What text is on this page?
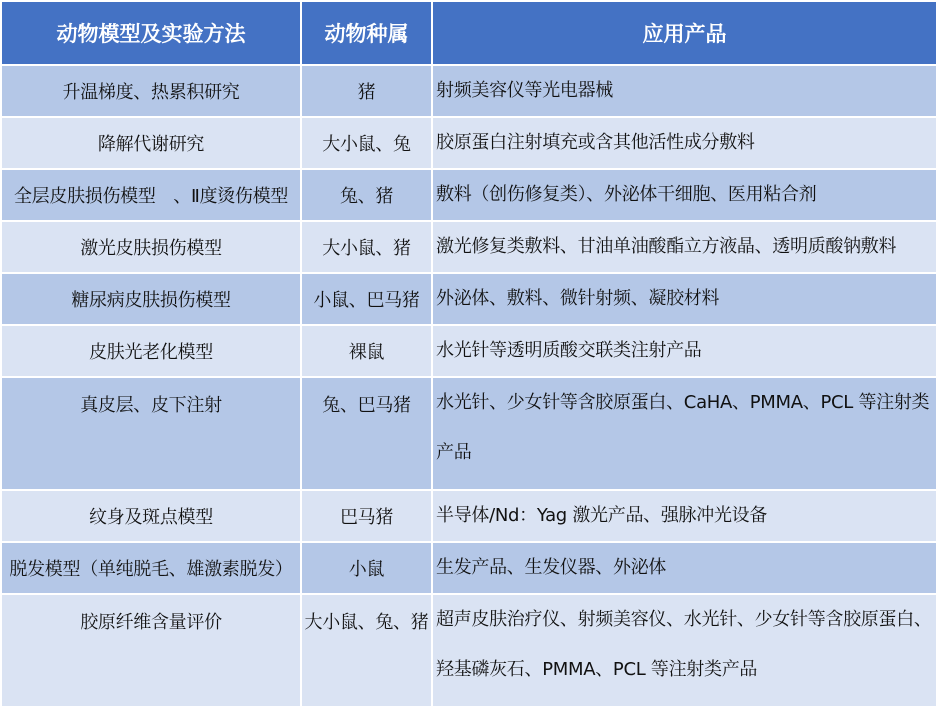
动物模型及实验方法	动物种属	应用产品
升温梯度、热累积研究	猪	射频美容仪等光电器械
降解代谢研究	大小鼠、兔	胶原蛋白注射填充或含其他活性成分敷料
全层皮肤损伤模型　、Ⅱ度烫伤模型	兔、猪	敷料（创伤修复类）、外泌体干细胞、医用粘合剂
激光皮肤损伤模型	大小鼠、猪	激光修复类敷料、甘油单油酸酯立方液晶、透明质酸钠敷料
糖尿病皮肤损伤模型	小鼠、巴马猪	外泌体、敷料、微针射频、凝胶材料
皮肤光老化模型	裸鼠	水光针等透明质酸交联类注射产品
真皮层、皮下注射	兔、巴马猪	水光针、少女针等含胶原蛋白、CaHA、PMMA、PCL 等注射类产品
纹身及斑点模型	巴马猪	半导体/Nd：Yag 激光产品、强脉冲光设备
脱发模型（单纯脱毛、雄激素脱发）	小鼠	生发产品、生发仪器、外泌体
胶原纤维含量评价	大小鼠、兔、猪	超声皮肤治疗仪、射频美容仪、水光针、少女针等含胶原蛋白、羟基磷灰石、PMMA、PCL 等注射类产品
